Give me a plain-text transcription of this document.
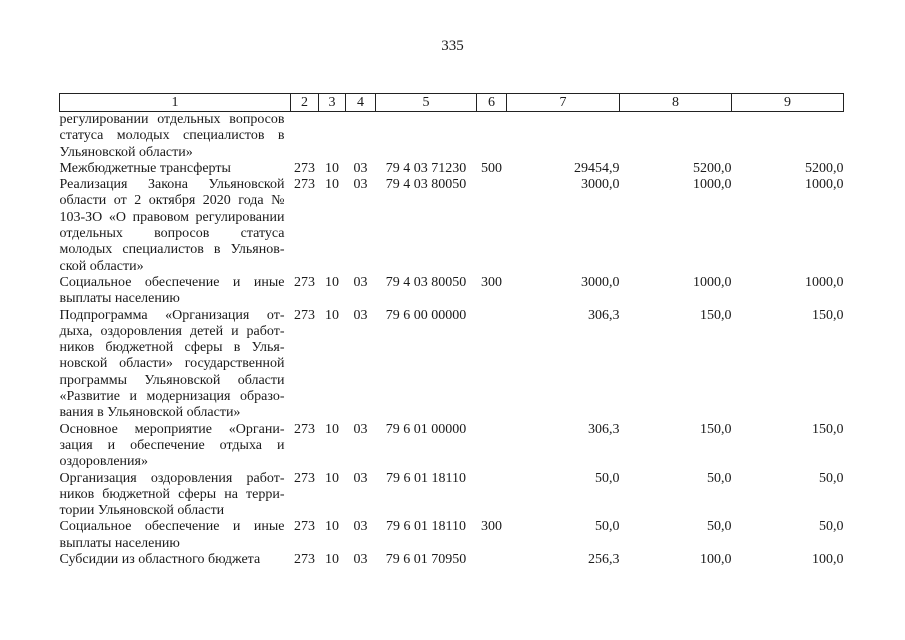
335
1	2	3	4	5	6	7	8	9
регулировании отдельных вопросов статуса молодых специалистов в Ульяновской области»								
Межбюджетные трансферты	273	10	03	79 4 03 71230	500	29454,9	5200,0	5200,0
Реализация Закона Ульяновской области от 2 октября 2020 года № 103-ЗО «О правовом регулировании отдельных вопросов статуса молодых специалистов в Ульяновской области»	273	10	03	79 4 03 80050		3000,0	1000,0	1000,0
Социальное обеспечение и иные выплаты населению	273	10	03	79 4 03 80050	300	3000,0	1000,0	1000,0
Подпрограмма «Организация отдыха, оздоровления детей и работников бюджетной сферы в Ульяновской области» государственной программы Ульяновской области «Развитие и модернизация образования в Ульяновской области»	273	10	03	79 6 00 00000		306,3	150,0	150,0
Основное мероприятие «Организация и обеспечение отдыха и оздоровления»	273	10	03	79 6 01 00000		306,3	150,0	150,0
Организация оздоровления работников бюджетной сферы на территории Ульяновской области	273	10	03	79 6 01 18110		50,0	50,0	50,0
Социальное обеспечение и иные выплаты населению	273	10	03	79 6 01 18110	300	50,0	50,0	50,0
Субсидии из областного бюджета	273	10	03	79 6 01 70950		256,3	100,0	100,0
